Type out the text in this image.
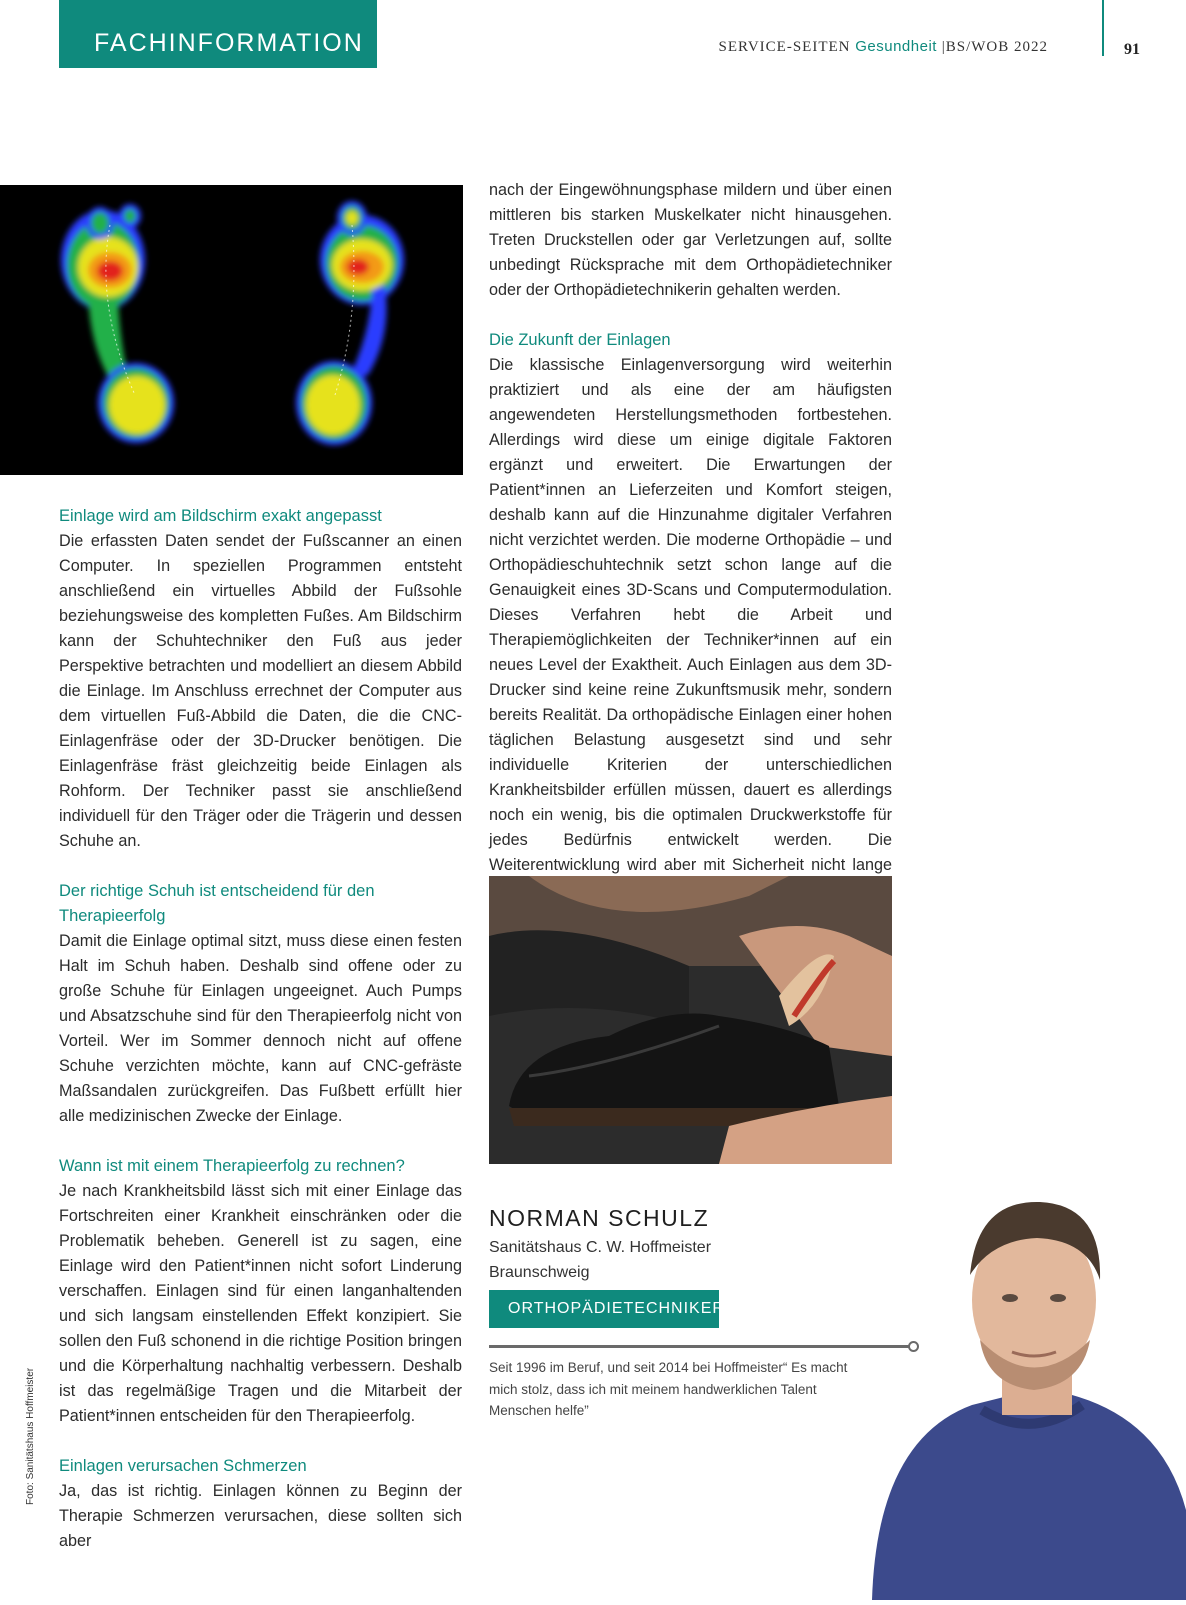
FACHINFORMATION	SERVICE-SEITEN Gesundheit |BS/WOB 2022	91
Einlage wird am Bildschirm exakt angepasst

Die erfassten Daten sendet der Fußscanner an einen Computer. In speziellen Programmen entsteht anschließend ein virtuelles Abbild der Fußsohle beziehungsweise des kompletten Fußes. Am Bildschirm kann der Schuhtechniker den Fuß aus jeder Perspektive betrachten und modelliert an diesem Abbild die Einlage. Im Anschluss errechnet der Computer aus dem virtuellen Fuß-Abbild die Daten, die die CNC-Einlagenfräse oder der 3D-Drucker benötigen. Die Einlagenfräse fräst gleichzeitig beide Einlagen als Rohform. Der Techniker passt sie anschließend individuell für den Träger oder die Trägerin und dessen Schuhe an.

Der richtige Schuh ist entscheidend für den Therapieerfolg

Damit die Einlage optimal sitzt, muss diese einen festen Halt im Schuh haben. Deshalb sind offene oder zu große Schuhe für Einlagen ungeeignet. Auch Pumps und Absatzschuhe sind für den Therapieerfolg nicht von Vorteil. Wer im Sommer dennoch nicht auf offene Schuhe verzichten möchte, kann auf CNC-gefräste Maßsandalen zurückgreifen. Das Fußbett erfüllt hier alle medizinischen Zwecke der Einlage.

Wann ist mit einem Therapieerfolg zu rechnen?

Je nach Krankheitsbild lässt sich mit einer Einlage das Fortschreiten einer Krankheit einschränken oder die Problematik beheben. Generell ist zu sagen, eine Einlage wird den Patient*innen nicht sofort Linderung verschaffen. Einlagen sind für einen langanhaltenden und sich langsam einstellenden Effekt konzipiert. Sie sollen den Fuß schonend in die richtige Position bringen und die Körperhaltung nachhaltig verbessern. Deshalb ist das regelmäßige Tragen und die Mitarbeit der Patient*innen entscheiden für den Therapieerfolg.

Einlagen verursachen Schmerzen

Ja, das ist richtig. Einlagen können zu Beginn der Therapie Schmerzen verursachen, diese sollten sich aber

nach der Eingewöhnungsphase mildern und über einen mittleren bis starken Muskelkater nicht hinausgehen. Treten Druckstellen oder gar Verletzungen auf, sollte unbedingt Rücksprache mit dem Orthopädietechniker oder der Orthopädietechnikerin gehalten werden.

Die Zukunft der Einlagen

Die klassische Einlagenversorgung wird weiterhin praktiziert und als eine der am häufigsten angewendeten Herstellungsmethoden fortbestehen. Allerdings wird diese um einige digitale Faktoren ergänzt und erweitert. Die Erwartungen der Patient*innen an Lieferzeiten und Komfort steigen, deshalb kann auf die Hinzunahme digitaler Verfahren nicht verzichtet werden. Die moderne Orthopädie – und Orthopädieschuhtechnik setzt schon lange auf die Genauigkeit eines 3D-Scans und Computermodulation. Dieses Verfahren hebt die Arbeit und Therapiemöglichkeiten der Techniker*innen auf ein neues Level der Exaktheit. Auch Einlagen aus dem 3D-Drucker sind keine reine Zukunftsmusik mehr, sondern bereits Realität. Da orthopädische Einlagen einer hohen täglichen Belastung ausgesetzt sind und sehr individuelle Kriterien der unterschiedlichen Krankheitsbilder erfüllen müssen, dauert es allerdings noch ein wenig, bis die optimalen Druckwerkstoffe für jedes Bedürfnis entwickelt werden. Die Weiterentwicklung wird aber mit Sicherheit nicht lange

NORMAN SCHULZ
Sanitätshaus C. W. Hoffmeister
Braunschweig
ORTHOPÄDIETECHNIKER
Seit 1996 im Beruf, und seit 2014 bei Hoffmeister“ Es macht mich stolz, dass ich mit meinem handwerklichen Talent Menschen helfe”
Foto: Sanitätshaus Hoffmeister
